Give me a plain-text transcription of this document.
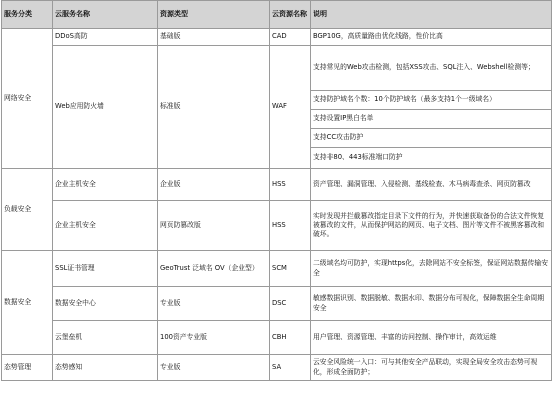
服务分类	云服务名称	资源类型	云资源名称	说明
网络安全	DDoS高防	基础版	CAD	BGP10G，高质量路由优化线路，性价比高
	Web应用防火墙	标准版	WAF	支持常见的Web攻击检测，包括XSS攻击、SQL注入、Webshell检测等；
				支持防护域名个数：10个防护域名（最多支持1个一级域名）
				支持设置IP黑白名单
				支持CC攻击防护
				支持非80、443标准端口防护
负载安全	企业主机安全	企业版	HSS	资产管理、漏洞管理、入侵检测、基线检查、木马病毒查杀、网页防篡改
	企业主机安全	网页防篡改版	HSS	实时发现并拦截篡改指定目录下文件的行为，并快速获取备份的合法文件恢复被篡改的文件，从而保护网站的网页、电子文档、图片等文件不被黑客篡改和破坏。
数据安全	SSL证书管理	GeoTrust 泛域名 OV（企业型）	SCM	二级域名均可防护，实现https化，去除网站不安全标签，保证网站数据传输安全
	数据安全中心	专业版	DSC	敏感数据识别、数据脱敏、数据水印、数据分布可视化，保障数据全生命周期安全
	云堡垒机	100资产专业版	CBH	用户管理、资源管理、丰富的访问控制、操作审计，高效运维
态势管理	态势感知	专业版	SA	云安全风险统一入口：可与其他安全产品联动，实现全局安全攻击态势可视化，形成全面防护；
